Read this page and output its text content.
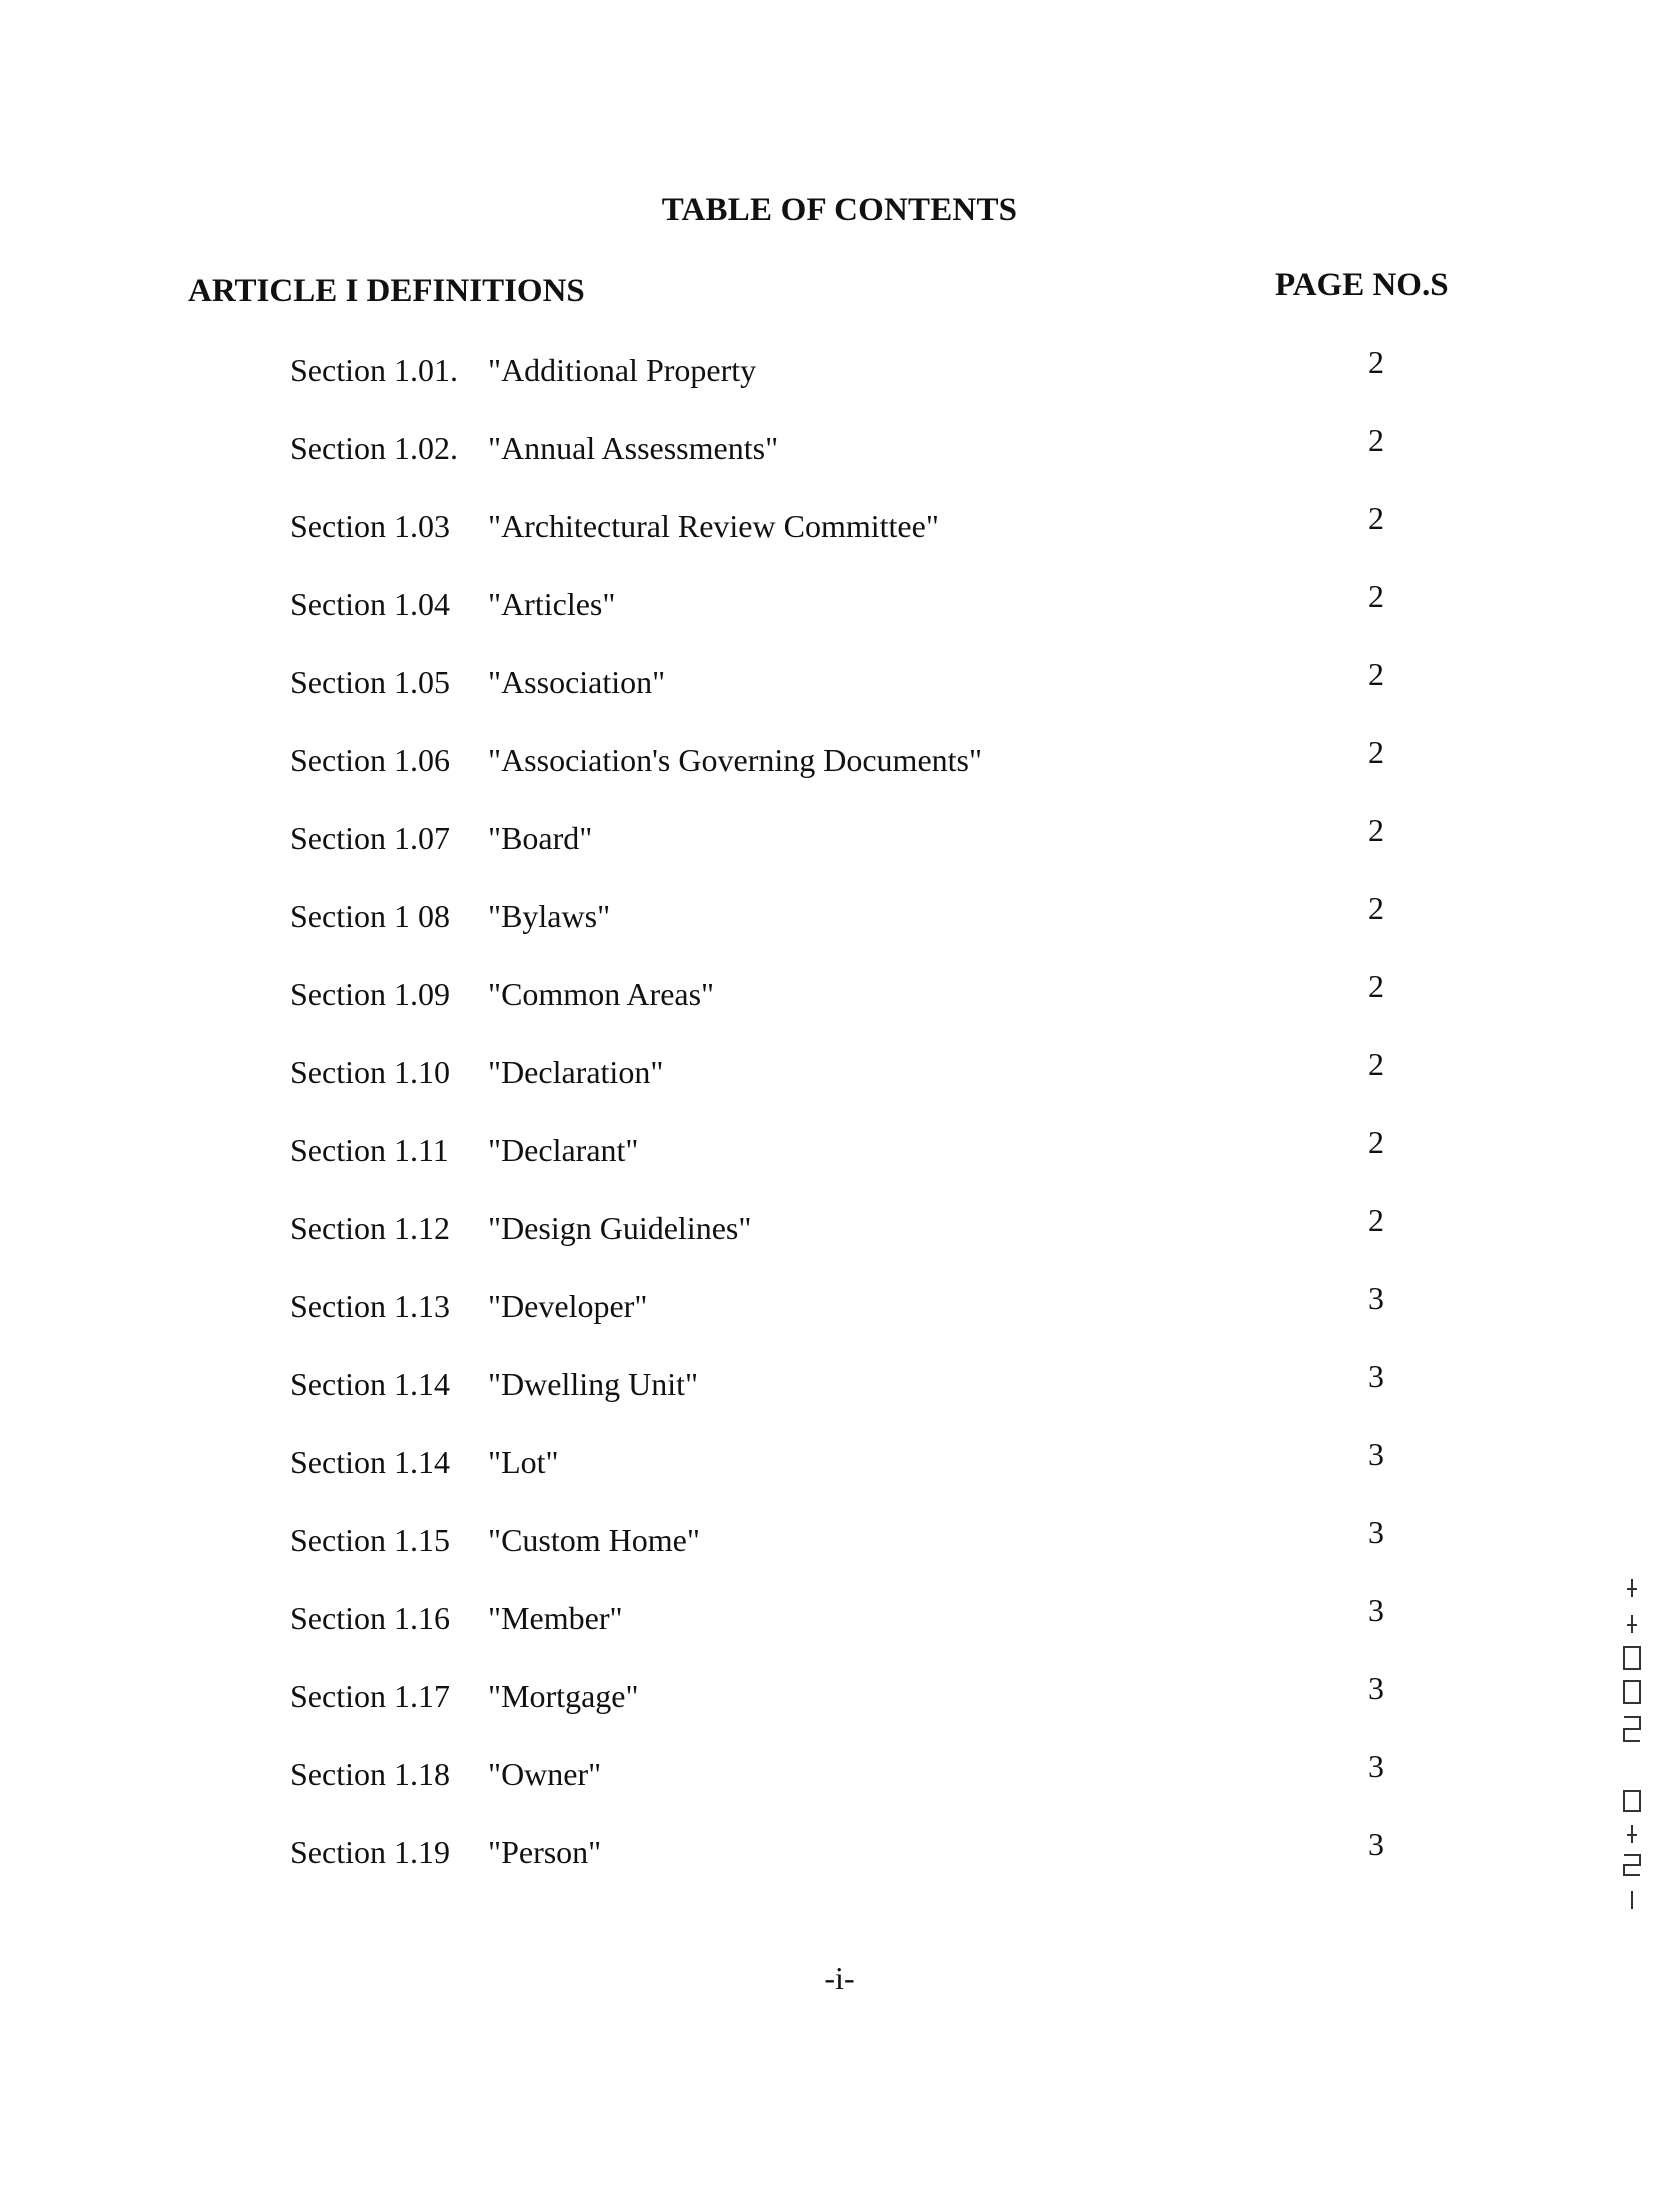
TABLE OF CONTENTS
ARTICLE I DEFINITIONS	PAGE NO.S
Section 1.01. "Additional Property	2
Section 1.02. "Annual Assessments"	2
Section 1.03 "Architectural Review Committee"	2
Section 1.04 "Articles"	2
Section 1.05 "Association"	2
Section 1.06 "Association's Governing Documents"	2
Section 1.07 "Board"	2
Section 1 08 "Bylaws"	2
Section 1.09 "Common Areas"	2
Section 1.10 "Declaration"	2
Section 1.11 "Declarant"	2
Section 1.12 "Design Guidelines"	2
Section 1.13 "Developer"	3
Section 1.14 "Dwelling Unit"	3
Section 1.14 "Lot"	3
Section 1.15 "Custom Home"	3
Section 1.16 "Member"	3
Section 1.17 "Mortgage"	3
Section 1.18 "Owner"	3
Section 1.19 "Person"	3
-i-
